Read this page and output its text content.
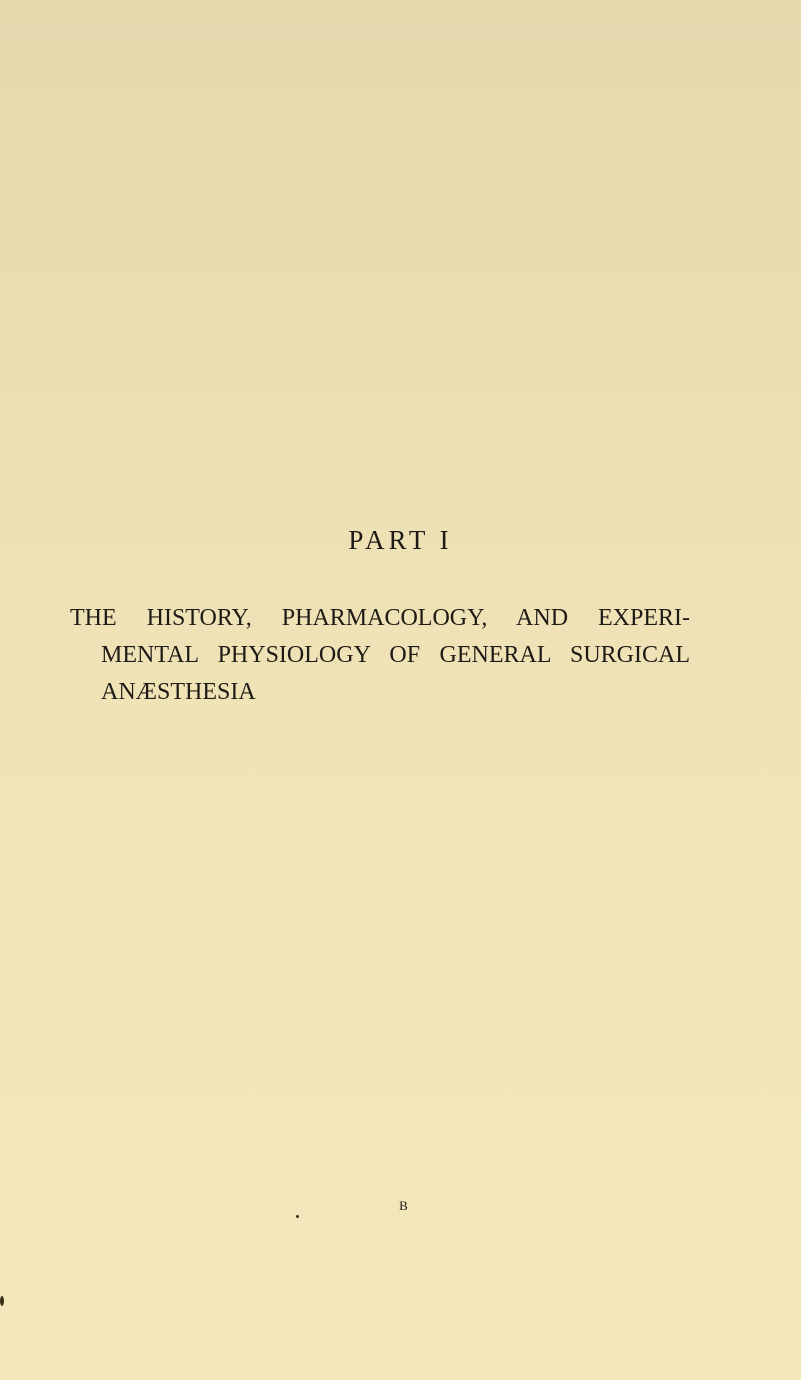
PART I
THE HISTORY, PHARMACOLOGY, AND EXPERI-
MENTAL PHYSIOLOGY OF GENERAL SURGICAL
ANÆSTHESIA

B
